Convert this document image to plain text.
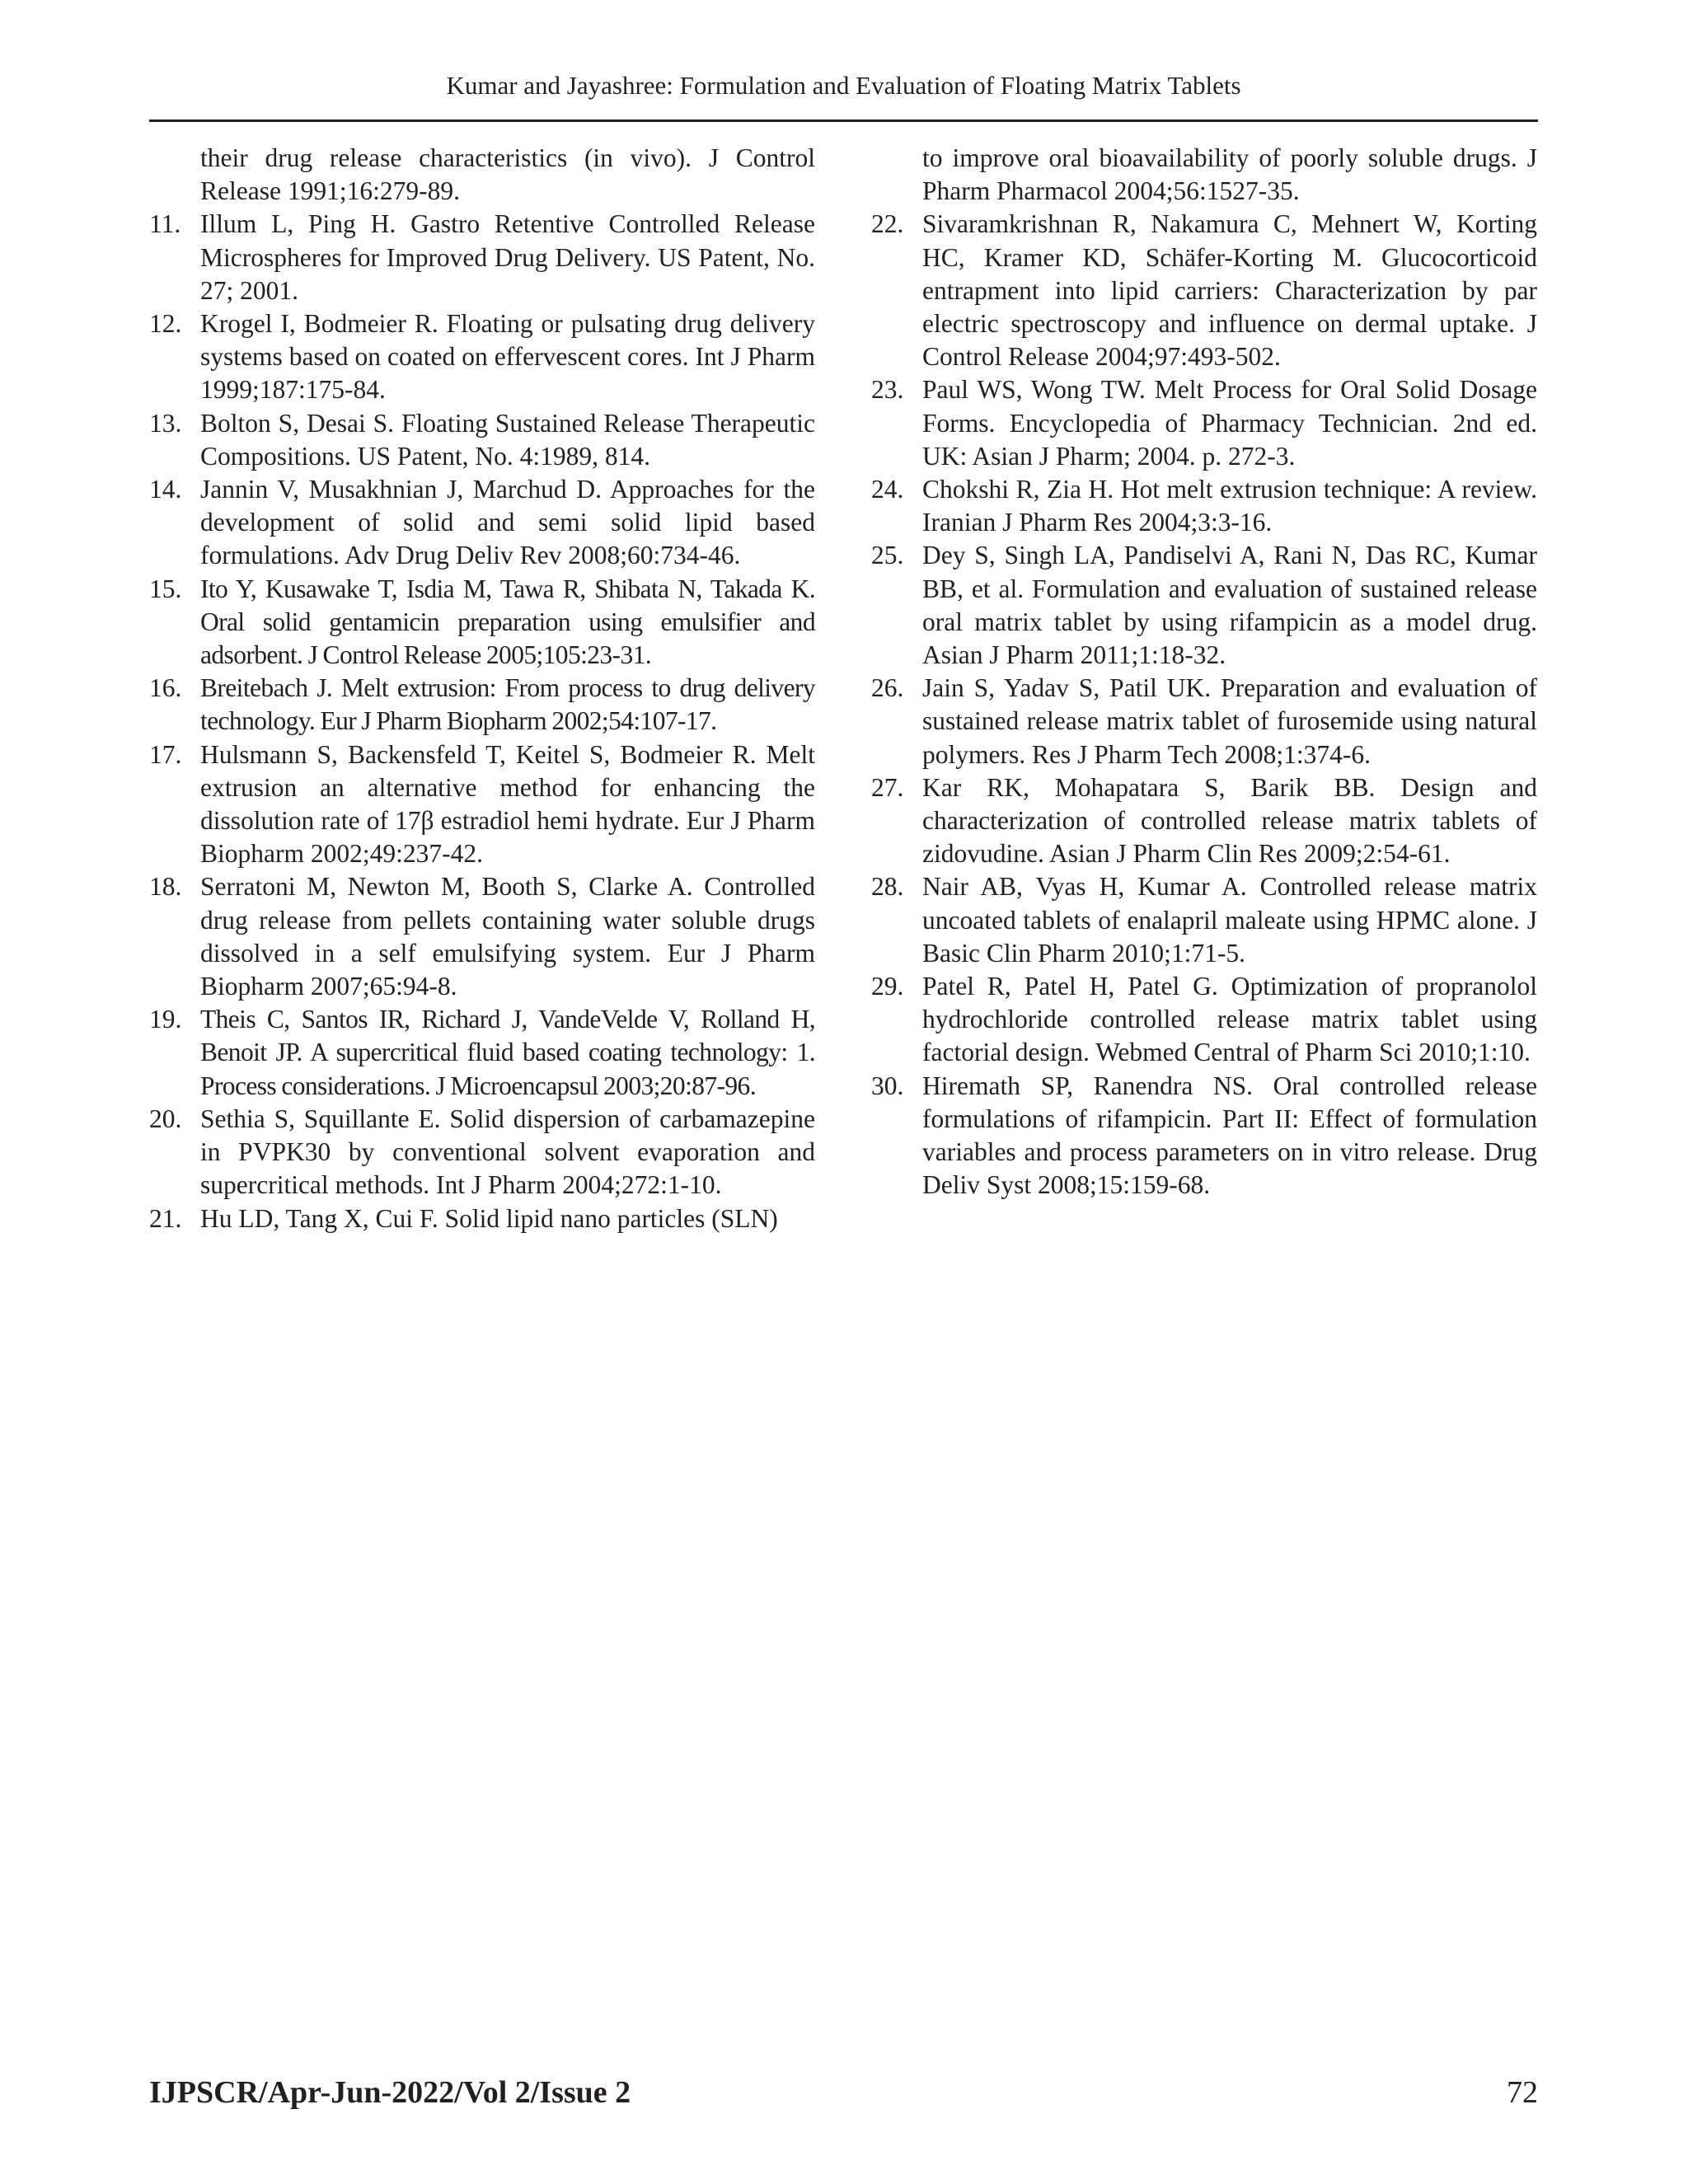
Kumar and Jayashree: Formulation and Evaluation of Floating Matrix Tablets
their drug release characteristics (in vivo). J Control Release 1991;16:279-89.
11. Illum L, Ping H. Gastro Retentive Controlled Release Microspheres for Improved Drug Delivery. US Patent, No. 27; 2001.
12. Krogel I, Bodmeier R. Floating or pulsating drug delivery systems based on coated on effervescent cores. Int J Pharm 1999;187:175-84.
13. Bolton S, Desai S. Floating Sustained Release Therapeutic Compositions. US Patent, No. 4:1989, 814.
14. Jannin V, Musakhnian J, Marchud D. Approaches for the development of solid and semi solid lipid based formulations. Adv Drug Deliv Rev 2008;60:734-46.
15. Ito Y, Kusawake T, Isdia M, Tawa R, Shibata N, Takada K. Oral solid gentamicin preparation using emulsifier and adsorbent. J Control Release 2005;105:23-31.
16. Breitebach J. Melt extrusion: From process to drug delivery technology. Eur J Pharm Biopharm 2002;54:107-17.
17. Hulsmann S, Backensfeld T, Keitel S, Bodmeier R. Melt extrusion an alternative method for enhancing the dissolution rate of 17β estradiol hemi hydrate. Eur J Pharm Biopharm 2002;49:237-42.
18. Serratoni M, Newton M, Booth S, Clarke A. Controlled drug release from pellets containing water soluble drugs dissolved in a self emulsifying system. Eur J Pharm Biopharm 2007;65:94-8.
19. Theis C, Santos IR, Richard J, VandeVelde V, Rolland H, Benoit JP. A supercritical fluid based coating technology: 1. Process considerations. J Microencapsul 2003;20:87-96.
20. Sethia S, Squillante E. Solid dispersion of carbamazepine in PVPK30 by conventional solvent evaporation and supercritical methods. Int J Pharm 2004;272:1-10.
21. Hu LD, Tang X, Cui F. Solid lipid nano particles (SLN)
to improve oral bioavailability of poorly soluble drugs. J Pharm Pharmacol 2004;56:1527-35.
22. Sivaramkrishnan R, Nakamura C, Mehnert W, Korting HC, Kramer KD, Schäfer-Korting M. Glucocorticoid entrapment into lipid carriers: Characterization by par electric spectroscopy and influence on dermal uptake. J Control Release 2004;97:493-502.
23. Paul WS, Wong TW. Melt Process for Oral Solid Dosage Forms. Encyclopedia of Pharmacy Technician. 2nd ed. UK: Asian J Pharm; 2004. p. 272-3.
24. Chokshi R, Zia H. Hot melt extrusion technique: A review. Iranian J Pharm Res 2004;3:3-16.
25. Dey S, Singh LA, Pandiselvi A, Rani N, Das RC, Kumar BB, et al. Formulation and evaluation of sustained release oral matrix tablet by using rifampicin as a model drug. Asian J Pharm 2011;1:18-32.
26. Jain S, Yadav S, Patil UK. Preparation and evaluation of sustained release matrix tablet of furosemide using natural polymers. Res J Pharm Tech 2008;1:374-6.
27. Kar RK, Mohapatara S, Barik BB. Design and characterization of controlled release matrix tablets of zidovudine. Asian J Pharm Clin Res 2009;2:54-61.
28. Nair AB, Vyas H, Kumar A. Controlled release matrix uncoated tablets of enalapril maleate using HPMC alone. J Basic Clin Pharm 2010;1:71-5.
29. Patel R, Patel H, Patel G. Optimization of propranolol hydrochloride controlled release matrix tablet using factorial design. Webmed Central of Pharm Sci 2010;1:10.
30. Hiremath SP, Ranendra NS. Oral controlled release formulations of rifampicin. Part II: Effect of formulation variables and process parameters on in vitro release. Drug Deliv Syst 2008;15:159-68.
IJPSCR/Apr-Jun-2022/Vol 2/Issue 2	72
